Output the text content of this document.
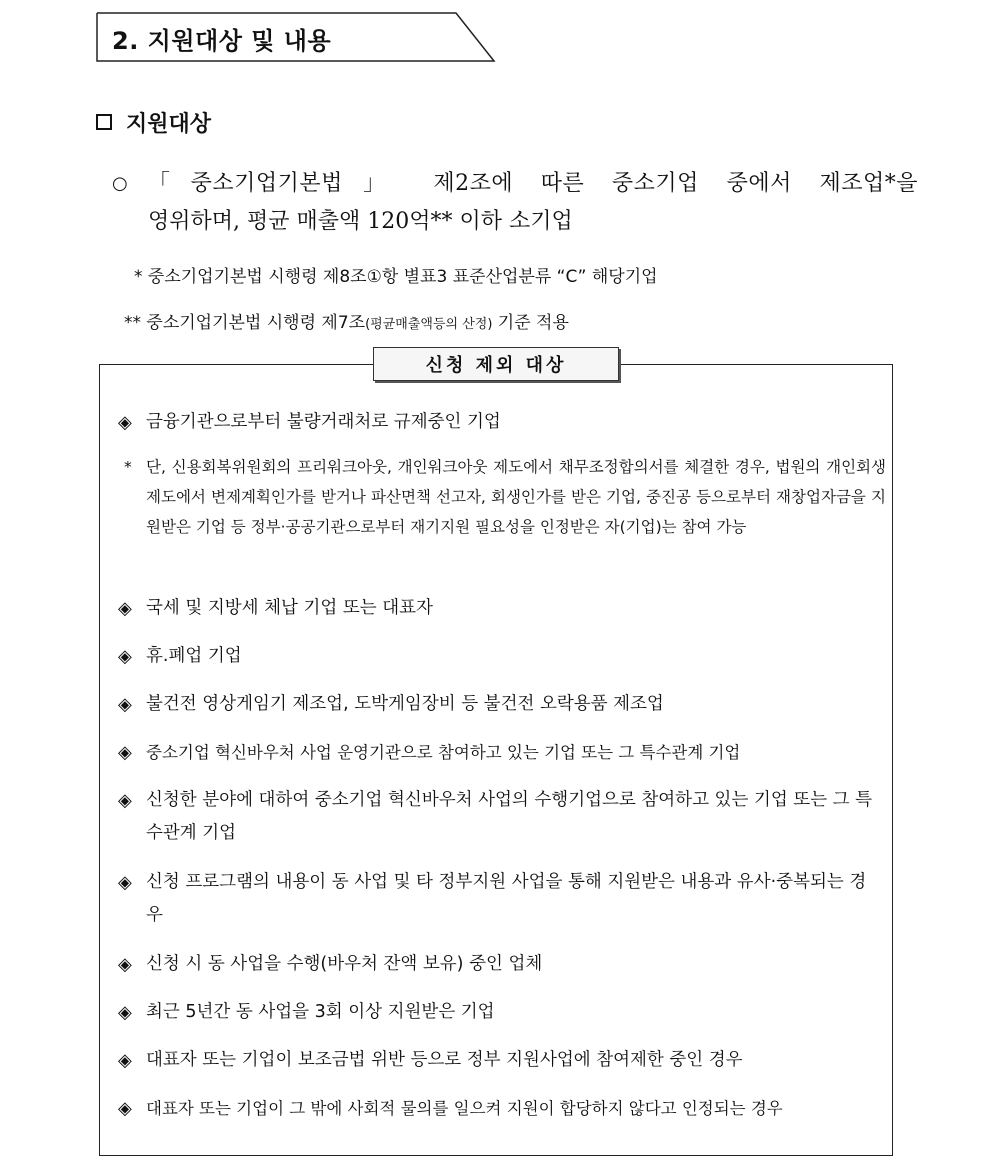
2. 지원대상 및 내용
지원대상
○ 「중소기업기본법」 제2조에 따른 중소기업 중에서 제조업*을
영위하며, 평균 매출액 120억** 이하 소기업
* 중소기업기본법 시행령 제8조①항 별표3 표준산업분류 “C” 해당기업
** 중소기업기본법 시행령 제7조(평균매출액등의 산정) 기준 적용
신청 제외 대상
◈ 금융기관으로부터 불량거래처로 규제중인 기업
* 단, 신용회복위원회의 프리워크아웃, 개인워크아웃 제도에서 채무조정합의서를 체결한 경우, 법원의 개인회생제도에서 변제계획인가를 받거나 파산면책 선고자, 회생인가를 받은 기업, 중진공 등으로부터 재창업자금을 지원받은 기업 등 정부·공공기관으로부터 재기지원 필요성을 인정받은 자(기업)는 참여 가능
◈ 국세 및 지방세 체납 기업 또는 대표자
◈ 휴.폐업 기업
◈ 불건전 영상게임기 제조업, 도박게임장비 등 불건전 오락용품 제조업
◈ 중소기업 혁신바우처 사업 운영기관으로 참여하고 있는 기업 또는 그 특수관계 기업
◈ 신청한 분야에 대하여 중소기업 혁신바우처 사업의 수행기업으로 참여하고 있는 기업 또는 그 특수관계 기업
◈ 신청 프로그램의 내용이 동 사업 및 타 정부지원 사업을 통해 지원받은 내용과 유사·중복되는 경우
◈ 신청 시 동 사업을 수행(바우처 잔액 보유) 중인 업체
◈ 최근 5년간 동 사업을 3회 이상 지원받은 기업
◈ 대표자 또는 기업이 보조금법 위반 등으로 정부 지원사업에 참여제한 중인 경우
◈ 대표자 또는 기업이 그 밖에 사회적 물의를 일으켜 지원이 합당하지 않다고 인정되는 경우
